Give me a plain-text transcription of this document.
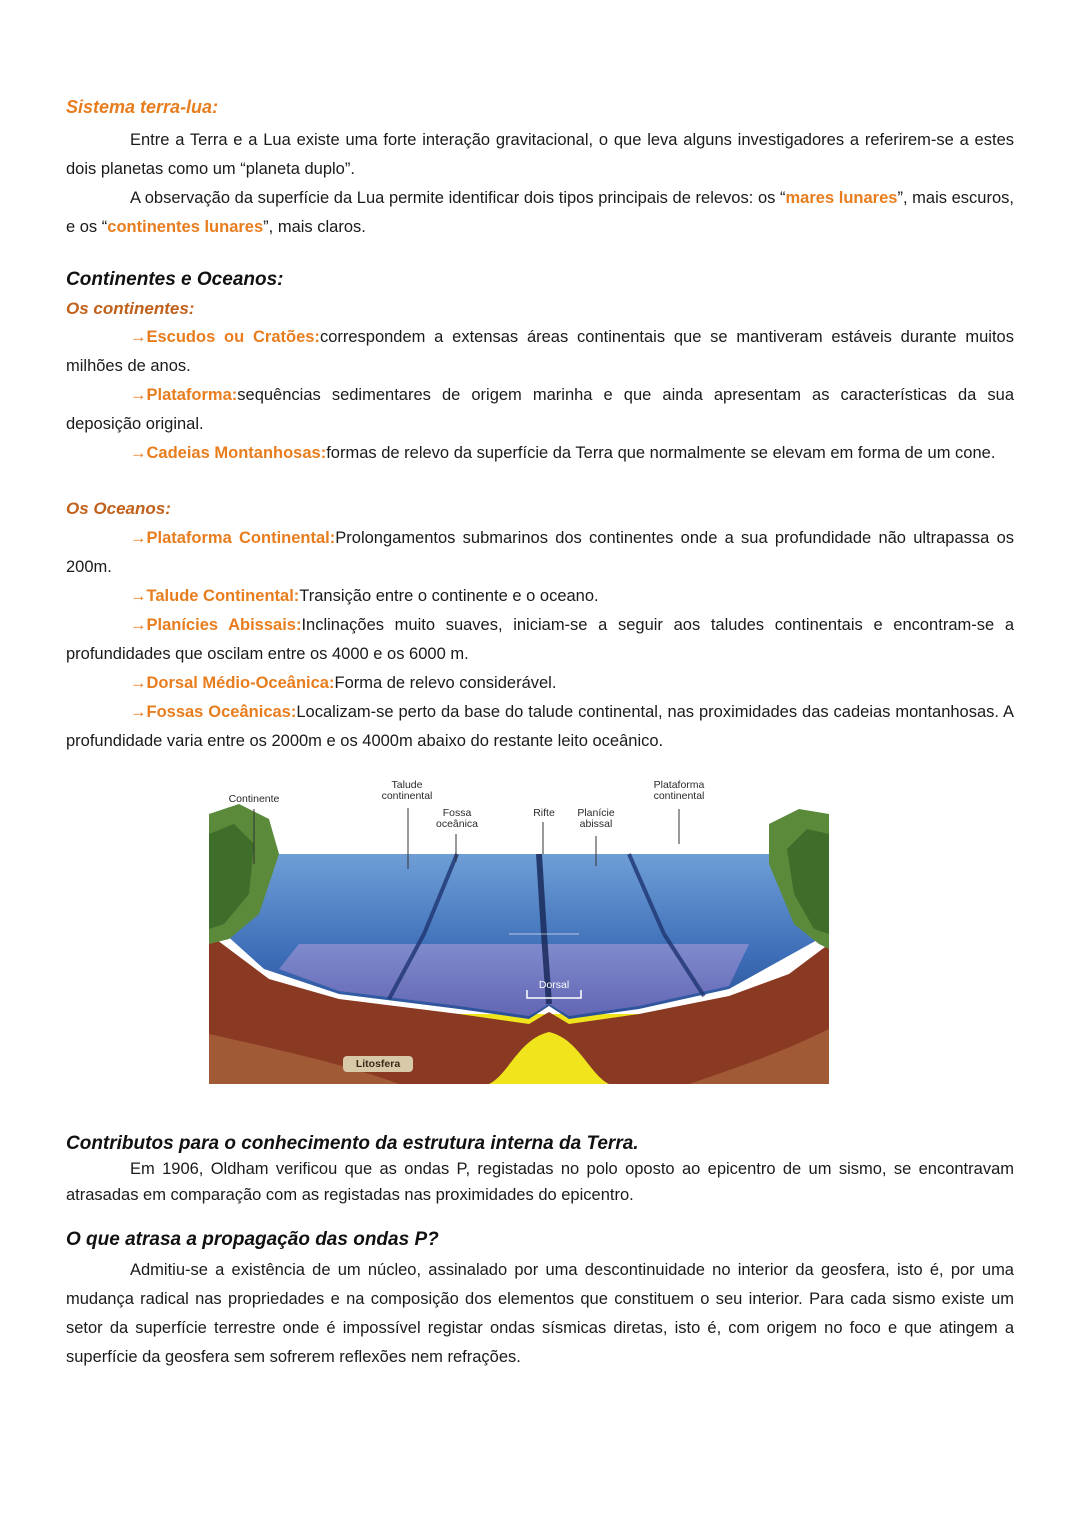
Sistema terra-lua:

Entre a Terra e a Lua existe uma forte interação gravitacional, o que leva alguns investigadores a referirem-se a estes dois planetas como um “planeta duplo”.

A observação da superfície da Lua permite identificar dois tipos principais de relevos: os “mares lunares”, mais escuros, e os “continentes lunares”, mais claros.

Continentes e Oceanos:
Os continentes:

→Escudos ou Cratões:correspondem a extensas áreas continentais que se mantiveram estáveis durante muitos milhões de anos.

→Plataforma:sequências sedimentares de origem marinha e que ainda apresentam as características da sua deposição original.

→Cadeias Montanhosas:formas de relevo da superfície da Terra que normalmente se elevam em forma de um cone.

Os Oceanos:

→Plataforma Continental:Prolongamentos submarinos dos continentes onde a sua profundidade não ultrapassa os 200m.

→Talude Continental:Transição entre o continente e o oceano.

→Planícies Abissais:Inclinações muito suaves, iniciam-se a seguir aos taludes continentais e encontram-se a profundidades que oscilam entre os 4000 e os 6000 m.

→Dorsal Médio-Oceânica:Forma de relevo considerável.

→Fossas Oceânicas:Localizam-se perto da base do talude continental, nas proximidades das cadeias montanhosas. A profundidade varia entre os 2000m e os 4000m abaixo do restante leito oceânico.

Continente
Talude continental
Fossa oceânica
Rifte	Planície abissal
Plataforma continental
Dorsal
Litosfera
Contributos para o conhecimento da estrutura interna da Terra.

Em 1906, Oldham verificou que as ondas P, registadas no polo oposto ao epicentro de um sismo, se encontravam atrasadas em comparação com as registadas nas proximidades do epicentro.

O que atrasa a propagação das ondas P?

Admitiu-se a existência de um núcleo, assinalado por uma descontinuidade no interior da geosfera, isto é, por uma mudança radical nas propriedades e na composição dos elementos que constituem o seu interior. Para cada sismo existe um setor da superfície terrestre onde é impossível registar ondas sísmicas diretas, isto é, com origem no foco e que atingem a superfície da geosfera sem sofrerem reflexões nem refrações.
